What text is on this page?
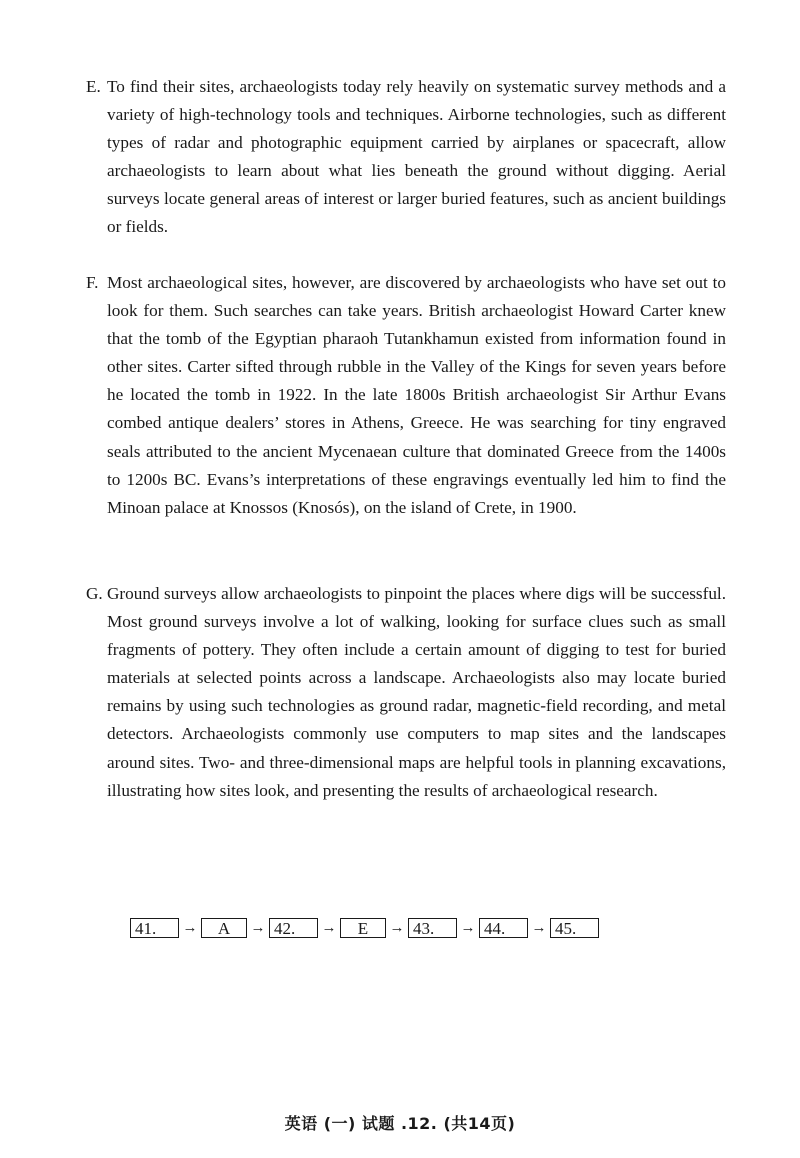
E. To find their sites, archaeologists today rely heavily on systematic survey methods and a variety of high-technology tools and techniques. Airborne technologies, such as different types of radar and photographic equipment carried by airplanes or spacecraft, allow archaeologists to learn about what lies beneath the ground without digging. Aerial surveys locate general areas of interest or larger buried features, such as ancient buildings or fields.
F. Most archaeological sites, however, are discovered by archaeologists who have set out to look for them. Such searches can take years. British archaeologist Howard Carter knew that the tomb of the Egyptian pharaoh Tutankhamun existed from information found in other sites. Carter sifted through rubble in the Valley of the Kings for seven years before he located the tomb in 1922. In the late 1800s British archaeologist Sir Arthur Evans combed antique dealers’ stores in Athens, Greece. He was searching for tiny engraved seals attributed to the ancient Mycenaean culture that dominated Greece from the 1400s to 1200s BC. Evans’s interpretations of these engravings eventually led him to find the Minoan palace at Knossos (Knosós), on the island of Crete, in 1900.
G. Ground surveys allow archaeologists to pinpoint the places where digs will be successful. Most ground surveys involve a lot of walking, looking for surface clues such as small fragments of pottery. They often include a certain amount of digging to test for buried materials at selected points across a landscape. Archaeologists also may locate buried remains by using such technologies as ground radar, magnetic-field recording, and metal detectors. Archaeologists commonly use computers to map sites and the landscapes around sites. Two- and three-dimensional maps are helpful tools in planning excavations, illustrating how sites look, and presenting the results of archaeological research.
41.	→	A	→ 42.	→	E	→ 43.	→ 44.	→ 45.
英语 (一) 试题 .12. (共14页)
